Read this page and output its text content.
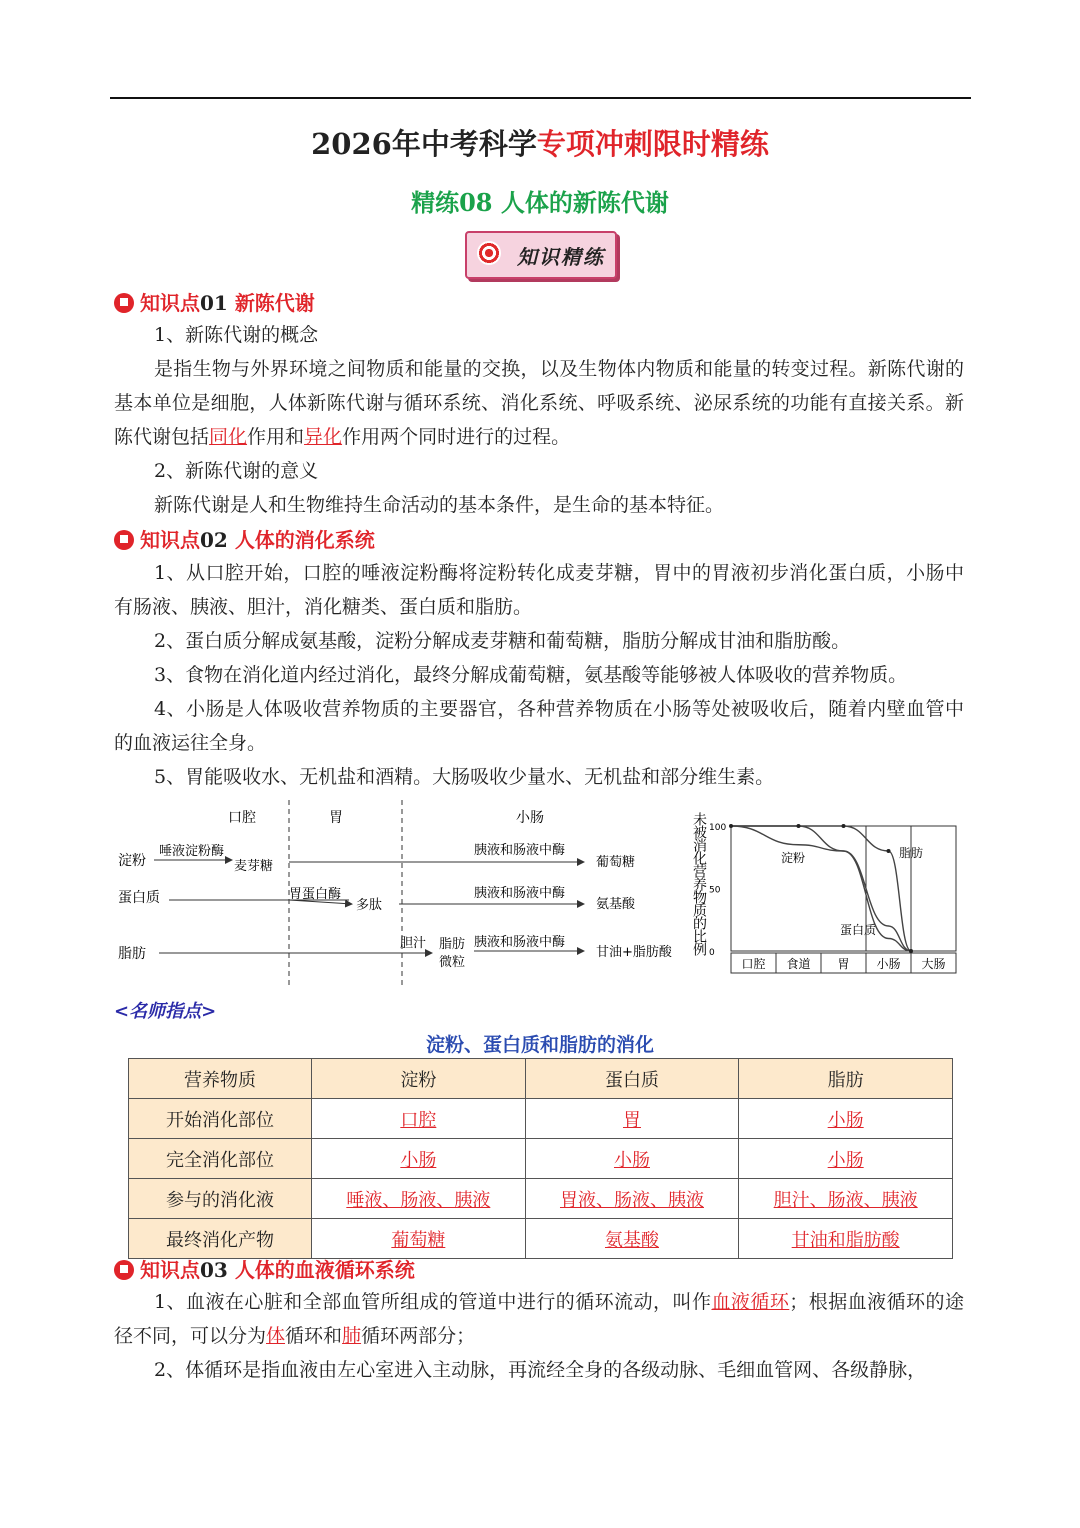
2026年中考科学专项冲刺限时精练
精练08 人体的新陈代谢
知识精练
知识点01 新陈代谢
1、新陈代谢的概念
是指生物与外界环境之间物质和能量的交换，以及生物体内物质和能量的转变过程。新陈代谢的基本单位是细胞，人体新陈代谢与循环系统、消化系统、呼吸系统、泌尿系统的功能有直接关系。新陈代谢包括同化作用和异化作用两个同时进行的过程。
2、新陈代谢的意义
新陈代谢是人和生物维持生命活动的基本条件，是生命的基本特征。
知识点02 人体的消化系统
1、从口腔开始，口腔的唾液淀粉酶将淀粉转化成麦芽糖，胃中的胃液初步消化蛋白质，小肠中有肠液、胰液、胆汁，消化糖类、蛋白质和脂肪。
2、蛋白质分解成氨基酸，淀粉分解成麦芽糖和葡萄糖，脂肪分解成甘油和脂肪酸。
3、食物在消化道内经过消化，最终分解成葡萄糖，氨基酸等能够被人体吸收的营养物质。
4、小肠是人体吸收营养物质的主要器官，各种营养物质在小肠等处被吸收后，随着内壁血管中的血液运往全身。
5、胃能吸收水、无机盐和酒精。大肠吸收少量水、无机盐和部分维生素。
口腔	胃	小肠
淀粉
蛋白质
脂肪
唾液淀粉酶
麦芽糖
胰液和肠液中酶
葡萄糖
胃蛋白酶
多肽
胰液和肠液中酶
氨基酸
胆汁 脂肪
微粒
胰液和肠液中酶
甘油+脂肪酸 未被消化营养物质的比例 100
50
0
口腔 食道 胃 小肠 大肠
淀粉
蛋白质
脂肪
<名师指点>
淀粉、蛋白质和脂肪的消化
营养物质	淀粉	蛋白质	脂肪
开始消化部位	口腔	胃	小肠
完全消化部位	小肠	小肠	小肠
参与的消化液	唾液、肠液、胰液	胃液、肠液、胰液	胆汁、肠液、胰液
最终消化产物	葡萄糖	氨基酸	甘油和脂肪酸
知识点03 人体的血液循环系统
1、血液在心脏和全部血管所组成的管道中进行的循环流动，叫作血液循环；根据血液循环的途径不同，可以分为体循环和肺循环两部分；
2、体循环是指血液由左心室进入主动脉，再流经全身的各级动脉、毛细血管网、各级静脉，
